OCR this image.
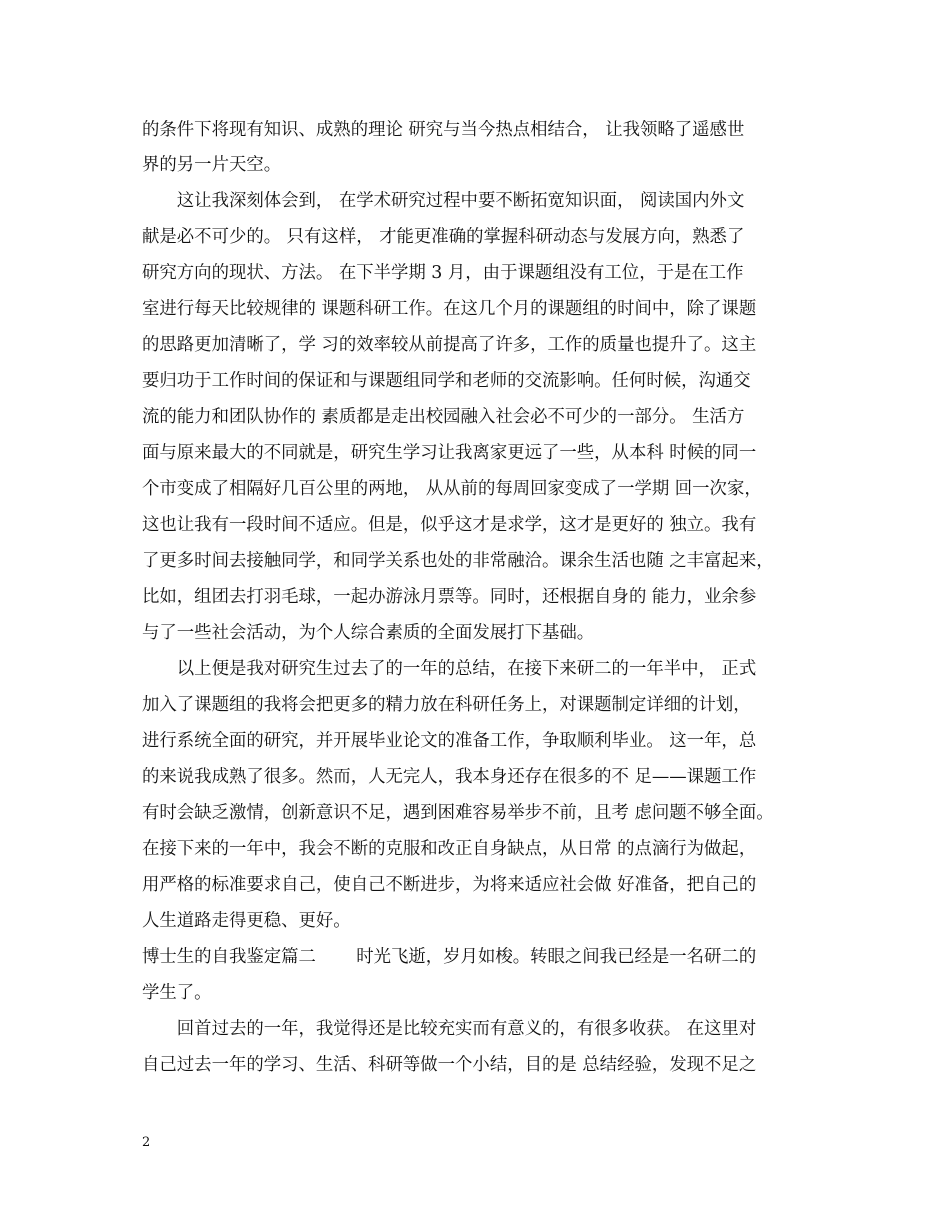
的条件下将现有知识、成熟的理论 研究与当今热点相结合， 让我领略了遥感世
界的另一片天空。
　　这让我深刻体会到， 在学术研究过程中要不断拓宽知识面， 阅读国内外文
献是必不可少的。 只有这样， 才能更准确的掌握科研动态与发展方向，熟悉了
研究方向的现状、方法。 在下半学期 3 月，由于课题组没有工位，于是在工作
室进行每天比较规律的 课题科研工作。在这几个月的课题组的时间中，除了课题
的思路更加清晰了，学 习的效率较从前提高了许多，工作的质量也提升了。这主
要归功于工作时间的保证和与课题组同学和老师的交流影响。任何时候，沟通交
流的能力和团队协作的 素质都是走出校园融入社会必不可少的一部分。 生活方
面与原来最大的不同就是，研究生学习让我离家更远了一些，从本科 时候的同一
个市变成了相隔好几百公里的两地， 从从前的每周回家变成了一学期 回一次家，
这也让我有一段时间不适应。但是，似乎这才是求学，这才是更好的 独立。我有
了更多时间去接触同学，和同学关系也处的非常融洽。课余生活也随 之丰富起来，
比如，组团去打羽毛球，一起办游泳月票等。同时，还根据自身的 能力，业余参
与了一些社会活动，为个人综合素质的全面发展打下基础。
　　以上便是我对研究生过去了的一年的总结，在接下来研二的一年半中， 正式
加入了课题组的我将会把更多的精力放在科研任务上，对课题制定详细的计划，
进行系统全面的研究，并开展毕业论文的准备工作，争取顺利毕业。 这一年，总
的来说我成熟了很多。然而，人无完人，我本身还存在很多的不 足——课题工作
有时会缺乏激情，创新意识不足，遇到困难容易举步不前，且考 虑问题不够全面。
在接下来的一年中，我会不断的克服和改正自身缺点，从日常 的点滴行为做起，
用严格的标准要求自己，使自己不断进步，为将来适应社会做 好准备，把自己的
人生道路走得更稳、更好。
博士生的自我鉴定篇二　　 时光飞逝，岁月如梭。转眼之间我已经是一名研二的
学生了。
　　回首过去的一年，我觉得还是比较充实而有意义的，有很多收获。 在这里对
自己过去一年的学习、生活、科研等做一个小结，目的是 总结经验，发现不足之
2
